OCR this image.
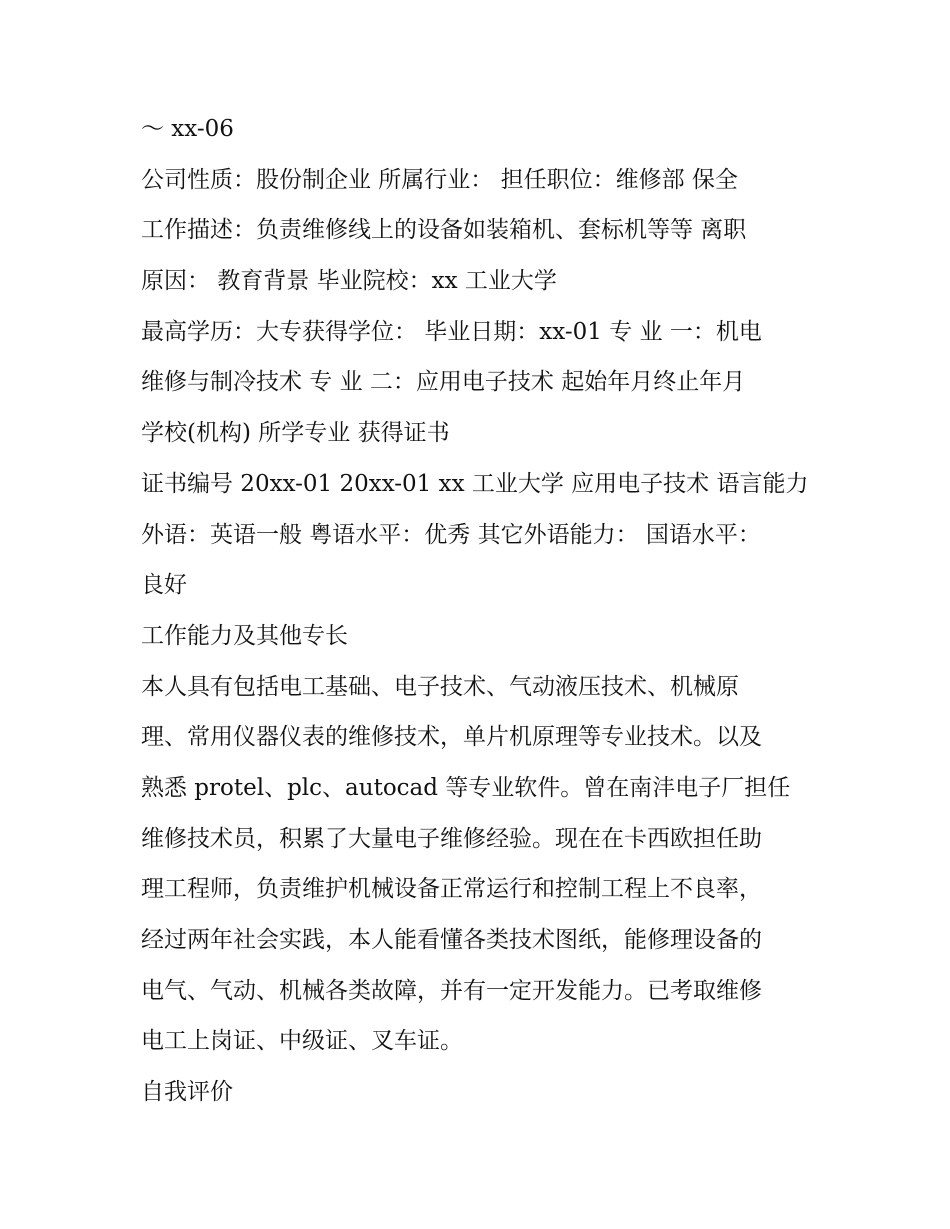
～ xx-06
公司性质：股份制企业 所属行业： 担任职位：维修部 保全
工作描述：负责维修线上的设备如装箱机、套标机等等 离职
原因： 教育背景 毕业院校：xx 工业大学
最高学历：大专获得学位： 毕业日期：xx-01 专 业 一：机电
维修与制冷技术 专 业 二：应用电子技术 起始年月终止年月
学校(机构) 所学专业 获得证书
证书编号 20xx-01 20xx-01 xx 工业大学 应用电子技术 语言能力
外语：英语一般 粤语水平：优秀 其它外语能力： 国语水平：
良好
工作能力及其他专长
本人具有包括电工基础、电子技术、气动液压技术、机械原
理、常用仪器仪表的维修技术，单片机原理等专业技术。以及
熟悉 protel、plc、autocad 等专业软件。曾在南沣电子厂担任
维修技术员，积累了大量电子维修经验。现在在卡西欧担任助
理工程师，负责维护机械设备正常运行和控制工程上不良率，
经过两年社会实践，本人能看懂各类技术图纸，能修理设备的
电气、气动、机械各类故障，并有一定开发能力。已考取维修
电工上岗证、中级证、叉车证。
自我评价
